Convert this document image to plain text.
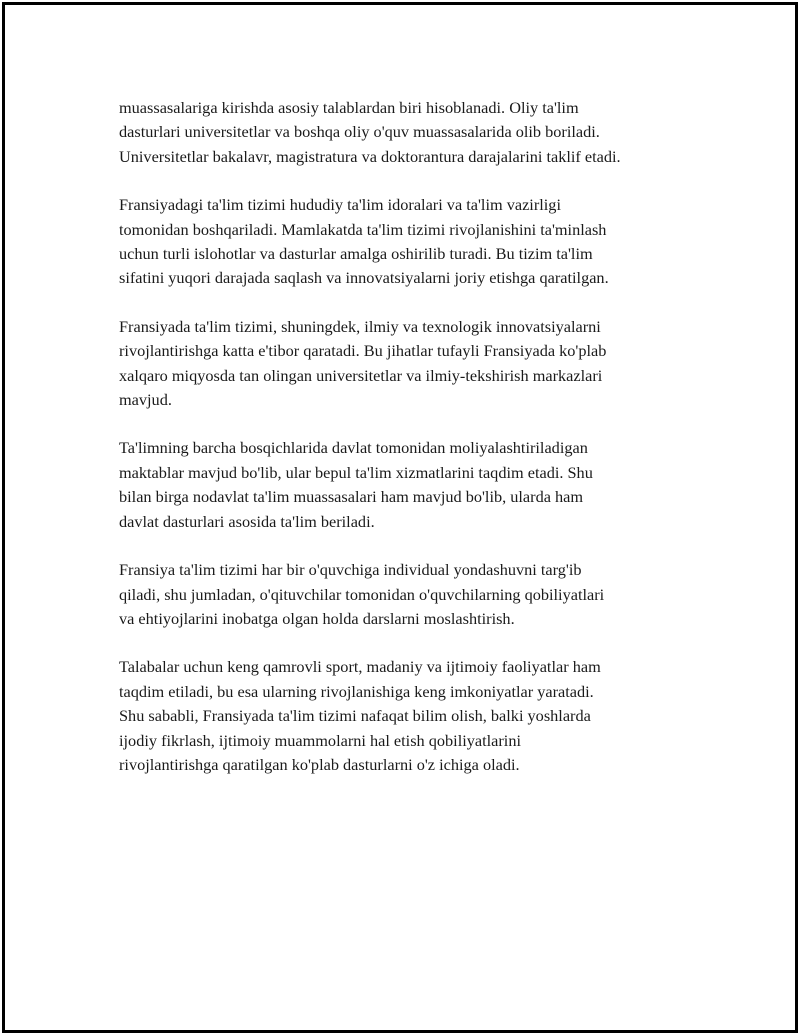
muassasalariga kirishda asosiy talablardan biri hisoblanadi. Oliy ta'lim
dasturlari universitetlar va boshqa oliy o'quv muassasalarida olib boriladi.
Universitetlar bakalavr, magistratura va doktorantura darajalarini taklif etadi.

Fransiyadagi ta'lim tizimi hududiy ta'lim idoralari va ta'lim vazirligi
tomonidan boshqariladi. Mamlakatda ta'lim tizimi rivojlanishini ta'minlash
uchun turli islohotlar va dasturlar amalga oshirilib turadi. Bu tizim ta'lim
sifatini yuqori darajada saqlash va innovatsiyalarni joriy etishga qaratilgan.

Fransiyada ta'lim tizimi, shuningdek, ilmiy va texnologik innovatsiyalarni
rivojlantirishga katta e'tibor qaratadi. Bu jihatlar tufayli Fransiyada ko'plab
xalqaro miqyosda tan olingan universitetlar va ilmiy-tekshirish markazlari
mavjud.

Ta'limning barcha bosqichlarida davlat tomonidan moliyalashtiriladigan
maktablar mavjud bo'lib, ular bepul ta'lim xizmatlarini taqdim etadi. Shu
bilan birga nodavlat ta'lim muassasalari ham mavjud bo'lib, ularda ham
davlat dasturlari asosida ta'lim beriladi.

Fransiya ta'lim tizimi har bir o'quvchiga individual yondashuvni targ'ib
qiladi, shu jumladan, o'qituvchilar tomonidan o'quvchilarning qobiliyatlari
va ehtiyojlarini inobatga olgan holda darslarni moslashtirish.

Talabalar uchun keng qamrovli sport, madaniy va ijtimoiy faoliyatlar ham
taqdim etiladi, bu esa ularning rivojlanishiga keng imkoniyatlar yaratadi.
Shu sababli, Fransiyada ta'lim tizimi nafaqat bilim olish, balki yoshlarda
ijodiy fikrlash, ijtimoiy muammolarni hal etish qobiliyatlarini
rivojlantirishga qaratilgan ko'plab dasturlarni o'z ichiga oladi.
